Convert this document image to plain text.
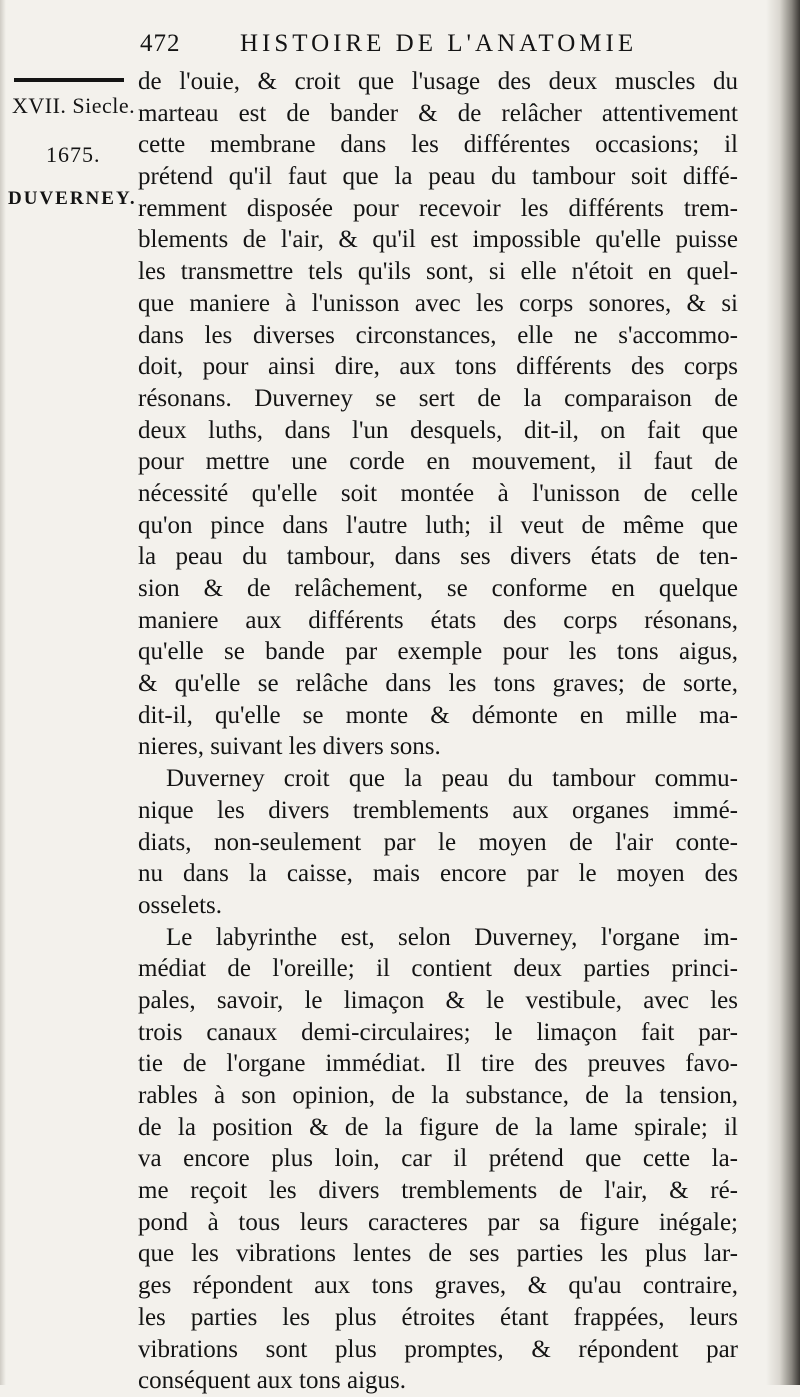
472 HISTOIRE DE L'ANATOMIE
XVII. Siecle.
1675.
DUVERNEY.
de l'ouie, & croit que l'usage des deux muscles du
marteau est de bander & de relâcher attentivement
cette membrane dans les différentes occasions; il
prétend qu'il faut que la peau du tambour soit diffé-
remment disposée pour recevoir les différents trem-
blements de l'air, & qu'il est impossible qu'elle puisse
les transmettre tels qu'ils sont, si elle n'étoit en quel-
que maniere à l'unisson avec les corps sonores, & si
dans les diverses circonstances, elle ne s'accommo-
doit, pour ainsi dire, aux tons différents des corps
résonans. Duverney se sert de la comparaison de
deux luths, dans l'un desquels, dit-il, on fait que
pour mettre une corde en mouvement, il faut de
nécessité qu'elle soit montée à l'unisson de celle
qu'on pince dans l'autre luth; il veut de même que
la peau du tambour, dans ses divers états de ten-
sion & de relâchement, se conforme en quelque
maniere aux différents états des corps résonans,
qu'elle se bande par exemple pour les tons aigus,
& qu'elle se relâche dans les tons graves; de sorte,
dit-il, qu'elle se monte & démonte en mille ma-
nieres, suivant les divers sons.
Duverney croit que la peau du tambour commu-
nique les divers tremblements aux organes immé-
diats, non-seulement par le moyen de l'air conte-
nu dans la caisse, mais encore par le moyen des
osselets.
Le labyrinthe est, selon Duverney, l'organe im-
médiat de l'oreille; il contient deux parties princi-
pales, savoir, le limaçon & le vestibule, avec les
trois canaux demi-circulaires; le limaçon fait par-
tie de l'organe immédiat. Il tire des preuves favo-
rables à son opinion, de la substance, de la tension,
de la position & de la figure de la lame spirale; il
va encore plus loin, car il prétend que cette la-
me reçoit les divers tremblements de l'air, & ré-
pond à tous leurs caracteres par sa figure inégale;
que les vibrations lentes de ses parties les plus lar-
ges répondent aux tons graves, & qu'au contraire,
les parties les plus étroites étant frappées, leurs
vibrations sont plus promptes, & répondent par
conséquent aux tons aigus.
